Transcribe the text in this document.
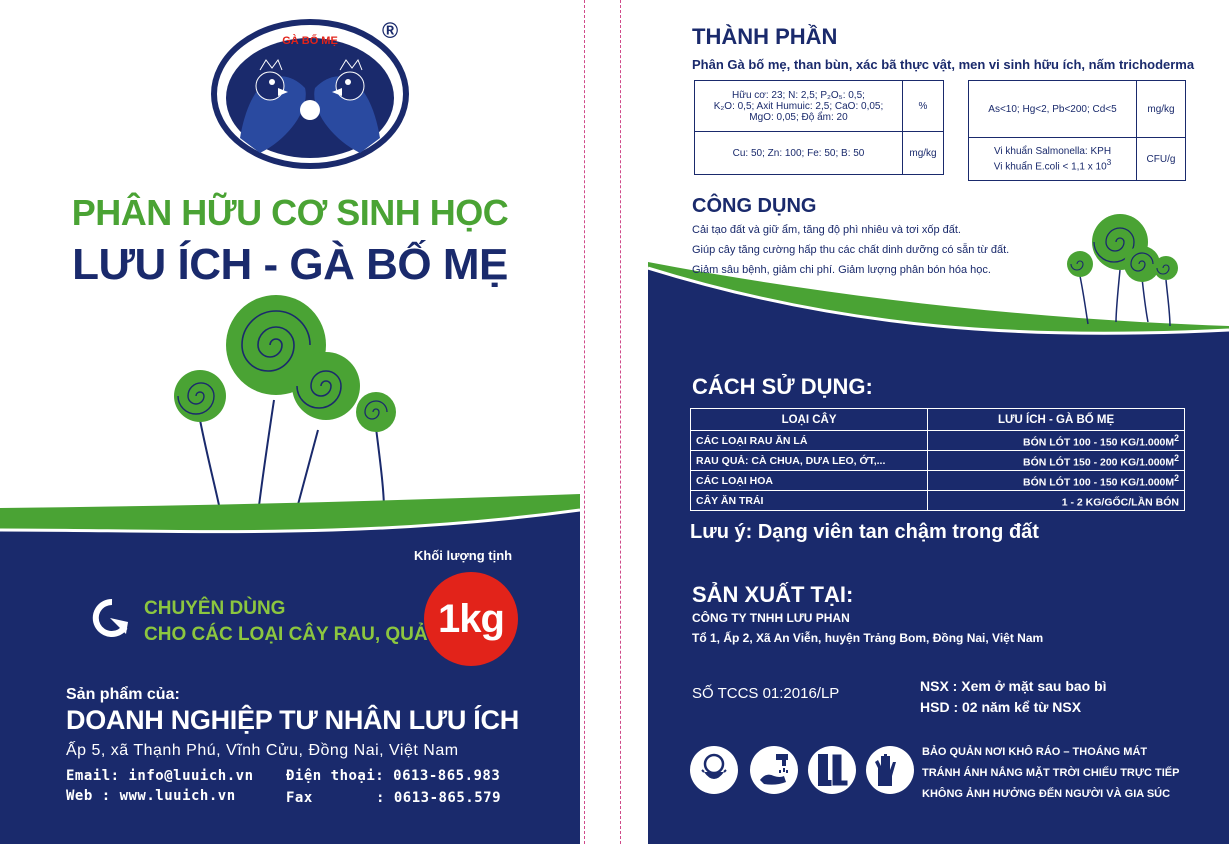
GÀ BỐ MẸ ®
PHÂN HỮU CƠ SINH HỌC
LƯU ÍCH - GÀ BỐ MẸ
Khối lượng tịnh
1kg
CHUYÊN DÙNG
CHO CÁC LOẠI CÂY RAU, QUẢ
Sản phẩm của:
DOANH NGHIỆP TƯ NHÂN LƯU ÍCH
Ấp 5, xã Thạnh Phú, Vĩnh Cửu, Đồng Nai, Việt Nam
Email: info@luuich.vn
Web : www.luuich.vn
Điện thoại: 0613-865.983
Fax	: 0613-865.579
THÀNH PHẦN
Phân Gà bố mẹ, than bùn, xác bã thực vật, men vi sinh hữu ích, nấm trichoderma
Hữu cơ: 23; N: 2,5; P₂O₅: 0,5;
K₂O: 0,5; Axit Humuic: 2,5; CaO: 0,05;
MgO: 0,05; Độ ẩm: 20	%
Cu: 50; Zn: 100; Fe: 50; B: 50	mg/kg
As<10; Hg<2, Pb<200; Cd<5	mg/kg

Vi khuẩn Salmonella: KPH
Vi khuẩn E.coli < 1,1 x $10^3$	CFU/g
CÔNG DỤNG
Cải tạo đất và giữ ẩm, tăng độ phì nhiêu và tơi xốp đất.
Giúp cây tăng cường hấp thu các chất dinh dưỡng có sẵn từ đất.
Giảm sâu bệnh, giảm chi phí. Giảm lượng phân bón hóa học.
CÁCH SỬ DỤNG:
LOẠI CÂY	LƯU ÍCH - GÀ BỐ MẸ
CÁC LOẠI RAU ĂN LÁ	BÓN LÓT 100 - 150 $KG/1.000M^2$
RAU QUẢ: CÀ CHUA, DƯA LEO, ỚT,...	BÓN LÓT 150 - 200 $KG/1.000M^2$
CÁC LOẠI HOA	BÓN LÓT 100 - 150 $KG/1.000M^2$
CÂY ĂN TRÁI	1 - 2 KG/GỐC/LẦN BÓN
Lưu ý: Dạng viên tan chậm trong đất
SẢN XUẤT TẠI:
CÔNG TY TNHH LƯU PHAN
Tổ 1, Ấp 2, Xã An Viễn, huyện Trảng Bom, Đồng Nai, Việt Nam
SỐ TCCS 01:2016/LP	NSX : Xem ở mặt sau bao bì
HSD : 02 năm kể từ NSX
BẢO QUẢN NƠI KHÔ RÁO – THOÁNG MÁT
TRÁNH ÁNH NẮNG MẶT TRỜI CHIẾU TRỰC TIẾP
KHÔNG ẢNH HƯỞNG ĐẾN NGƯỜI VÀ GIA SÚC
